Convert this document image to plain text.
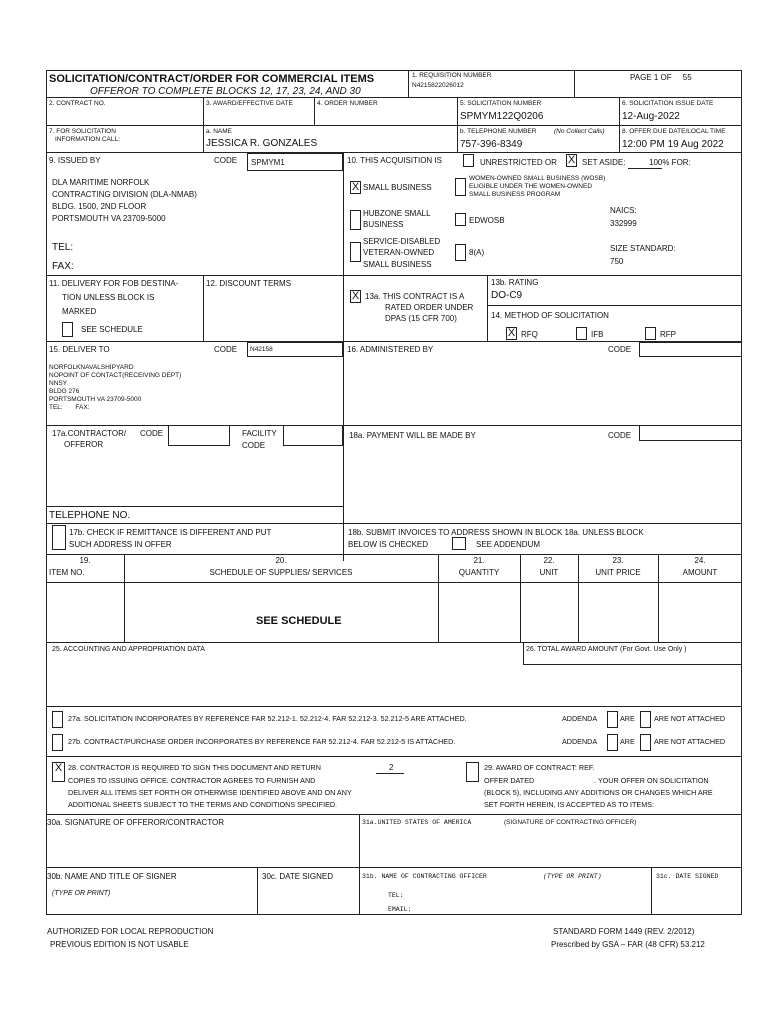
SOLICITATION/CONTRACT/ORDER FOR COMMERCIAL ITEMS
OFFEROR TO COMPLETE BLOCKS 12, 17, 23, 24, AND 30
1. REQUISITION NUMBER
N4215822026012
PAGE 1 OF     55
2. CONTRACT NO.	3. AWARD/EFFECTIVE DATE	4. ORDER NUMBER	5. SOLICITATION NUMBER
SPMYM122Q0206
6. SOLICITATION ISSUE DATE
12-Aug-2022
7. FOR SOLICITATION
INFORMATION CALL:
a. NAME
JESSICA R. GONZALES
b. TELEPHONE NUMBER	(No Collect Calls)
757-396-8349
8. OFFER DUE DATE/LOCAL TIME
12:00 PM 19 Aug 2022
9. ISSUED BY	CODE SPMYM1
DLA MARITIME NORFOLK
CONTRACTING DIVISION (DLA-NMAB)
BLDG. 1500, 2ND FLOOR
PORTSMOUTH VA 23709-5000
TEL:
FAX:
10. THIS ACQUISITION IS	UNRESTRICTED OR X SET ASIDE:	100% FOR:
X SMALL BUSINESS
WOMEN-OWNED SMALL BUSINESS (WOSB)
ELIGIBLE UNDER THE WOMEN-OWNED
SMALL BUSINESS PROGRAM
HUBZONE SMALL
BUSINESS	EDWOSB
NAICS:
332999
SERVICE-DISABLED
VETERAN-OWNED
SMALL BUSINESS
8(A)	SIZE STANDARD:
750
11. DELIVERY FOR FOB DESTINA-
TION UNLESS BLOCK IS
MARKED
SEE SCHEDULE
12. DISCOUNT TERMS
X 13a. THIS CONTRACT IS A
RATED ORDER UNDER
DPAS (15 CFR 700)
13b. RATING
DO-C9
14. METHOD OF SOLICITATION
X RFQ	IFB	RFP
15. DELIVER TO	CODE N42158
NORFOLKNAVALSHIPYARD
NOPOINT OF CONTACT(RECEIVING DEPT)
NNSY
BLDG 276
PORTSMOUTH VA 23709-5000
TEL:       FAX:
16. ADMINISTERED BY	CODE
17a.CONTRACTOR/
OFFEROR
CODE	FACILITY
CODE
TELEPHONE NO.
18a. PAYMENT WILL BE MADE BY	CODE
17b. CHECK IF REMITTANCE IS DIFFERENT AND PUT
SUCH ADDRESS IN OFFER
18b. SUBMIT INVOICES TO ADDRESS SHOWN IN BLOCK 18a. UNLESS BLOCK
BELOW IS CHECKED	SEE ADDENDUM
19.
ITEM NO.
20.
SCHEDULE OF SUPPLIES/ SERVICES
21.
QUANTITY
22.
UNIT
23.
UNIT PRICE
24.
AMOUNT
SEE SCHEDULE
25. ACCOUNTING AND APPROPRIATION DATA	26. TOTAL AWARD AMOUNT (For Govt. Use Only )
27a. SOLICITATION INCORPORATES BY REFERENCE FAR 52.212-1. 52.212-4. FAR 52.212-3. 52.212-5 ARE ATTACHED.	ADDENDA	ARE	ARE NOT ATTACHED
27b. CONTRACT/PURCHASE ORDER INCORPORATES BY REFERENCE FAR 52.212-4. FAR 52.212-5 IS ATTACHED.	ADDENDA	ARE	ARE NOT ATTACHED
X 28. CONTRACTOR IS REQUIRED TO SIGN THIS DOCUMENT AND RETURN	2
COPIES TO ISSUING OFFICE. CONTRACTOR AGREES TO FURNISH AND
DELIVER ALL ITEMS SET FORTH OR OTHERWISE IDENTIFIED ABOVE AND ON ANY
ADDITIONAL SHEETS SUBJECT TO THE TERMS AND CONDITIONS SPECIFIED.
29. AWARD OF CONTRACT: REF.
OFFER DATED	. YOUR OFFER ON SOLICITATION
(BLOCK 5), INCLUDING ANY ADDITIONS OR CHANGES WHICH ARE
SET FORTH HEREIN, IS ACCEPTED AS TO ITEMS:
30a. SIGNATURE OF OFFEROR/CONTRACTOR	31a.UNITED STATES OF AMERICA	(SIGNATURE OF CONTRACTING OFFICER)
30b. NAME AND TITLE OF SIGNER
(TYPE OR PRINT)
30c. DATE SIGNED	31b. NAME OF CONTRACTING OFFICER	(TYPE OR PRINT)	31c. DATE SIGNED
TEL:
EMAIL:
AUTHORIZED FOR LOCAL REPRODUCTION
PREVIOUS EDITION IS NOT USABLE
STANDARD FORM 1449 (REV. 2/2012)
Prescribed by GSA – FAR (48 CFR) 53.212
